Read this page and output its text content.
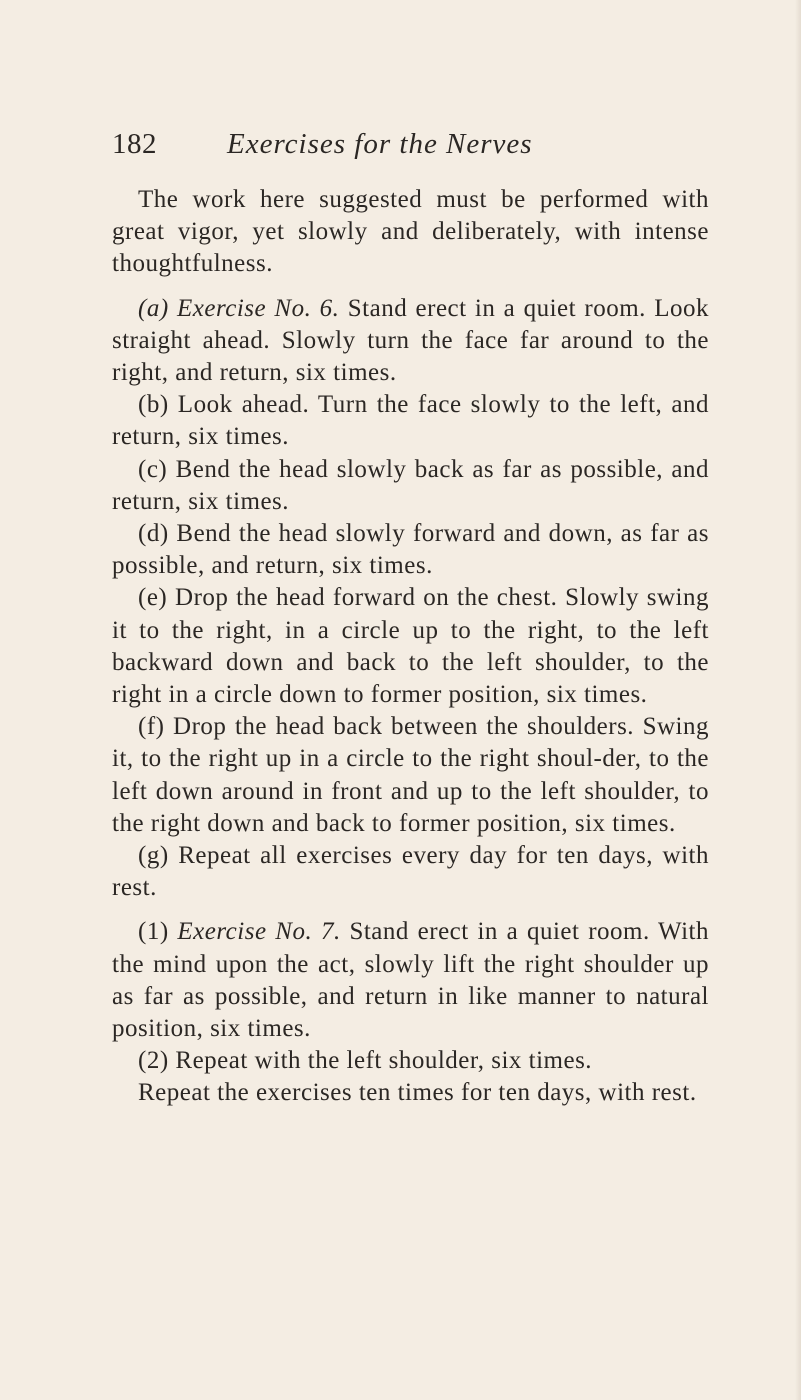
182 Exercises for the Nerves

The work here suggested must be performed with great vigor, yet slowly and deliberately, with intense thoughtfulness.

(a) Exercise No. 6. Stand erect in a quiet room. Look straight ahead. Slowly turn the face far around to the right, and return, six times.

(b) Look ahead. Turn the face slowly to the left, and return, six times.

(c) Bend the head slowly back as far as possible, and return, six times.

(d) Bend the head slowly forward and down, as far as possible, and return, six times.

(e) Drop the head forward on the chest. Slowly swing it to the right, in a circle up to the right, to the left backward down and back to the left shoulder, to the right in a circle down to former position, six times.

(f) Drop the head back between the shoulders. Swing it, to the right up in a circle to the right shoul-der, to the left down around in front and up to the left shoulder, to the right down and back to former position, six times.

(g) Repeat all exercises every day for ten days, with rest.

(1) Exercise No. 7. Stand erect in a quiet room. With the mind upon the act, slowly lift the right shoulder up as far as possible, and return in like manner to natural position, six times.

(2) Repeat with the left shoulder, six times.

Repeat the exercises ten times for ten days, with rest.
